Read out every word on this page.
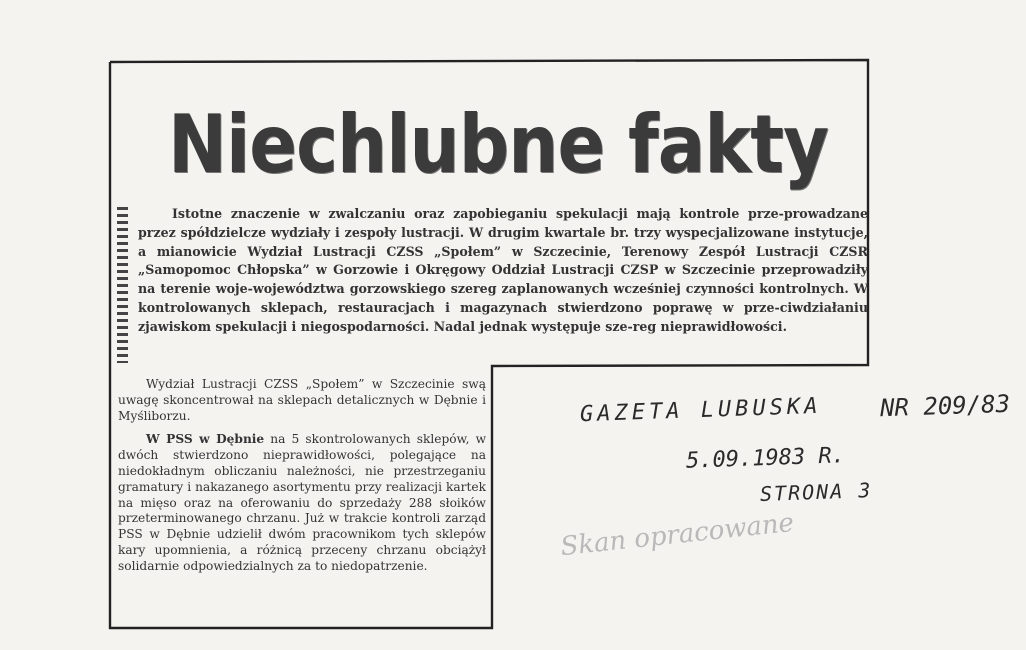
Niechlubne fakty

Istotne znaczenie w zwalczaniu oraz zapobieganiu spekulacji mają kontrole prze-prowadzane przez spółdzielcze wydziały i zespoły lustracji. W drugim kwartale br. trzy wyspecjalizowane instytucje, a mianowicie Wydział Lustracji CZSS „Społem” w Szczecinie, Terenowy Zespół Lustracji CZSR „Samopomoc Chłopska” w Gorzowie i Okręgowy Oddział Lustracji CZSP w Szczecinie przeprowadziły na terenie woje-województwa gorzowskiego szereg zaplanowanych wcześniej czynności kontrolnych. W kontrolowanych sklepach, restauracjach i magazynach stwierdzono poprawę w prze-ciwdziałaniu zjawiskom spekulacji i niegospodarności. Nadal jednak występuje sze-reg nieprawidłowości.

Wydział Lustracji CZSS „Społem” w Szczecinie swą uwagę skoncentrował na sklepach detalicznych w Dębnie i Myśliborzu.

W PSS w Dębnie na 5 skontrolowanych sklepów, w dwóch stwierdzono nieprawidłowości, polegające na niedokładnym obliczaniu należności, nie przestrzeganiu gramatury i nakazanego asortymentu przy realizacji kartek na mięso oraz na oferowaniu do sprzedaży 288 słoików przeterminowanego chrzanu. Już w trakcie kontroli zarząd PSS w Dębnie udzielił dwóm pracownikom tych sklepów kary upomnienia, a różnicą przeceny chrzanu obciążył solidarnie odpowiedzialnych za to niedopatrzenie.

GAZETA LUBUSKA NR 209/83
5.09.1983 R.
STRONA 3
Skan opracowane
